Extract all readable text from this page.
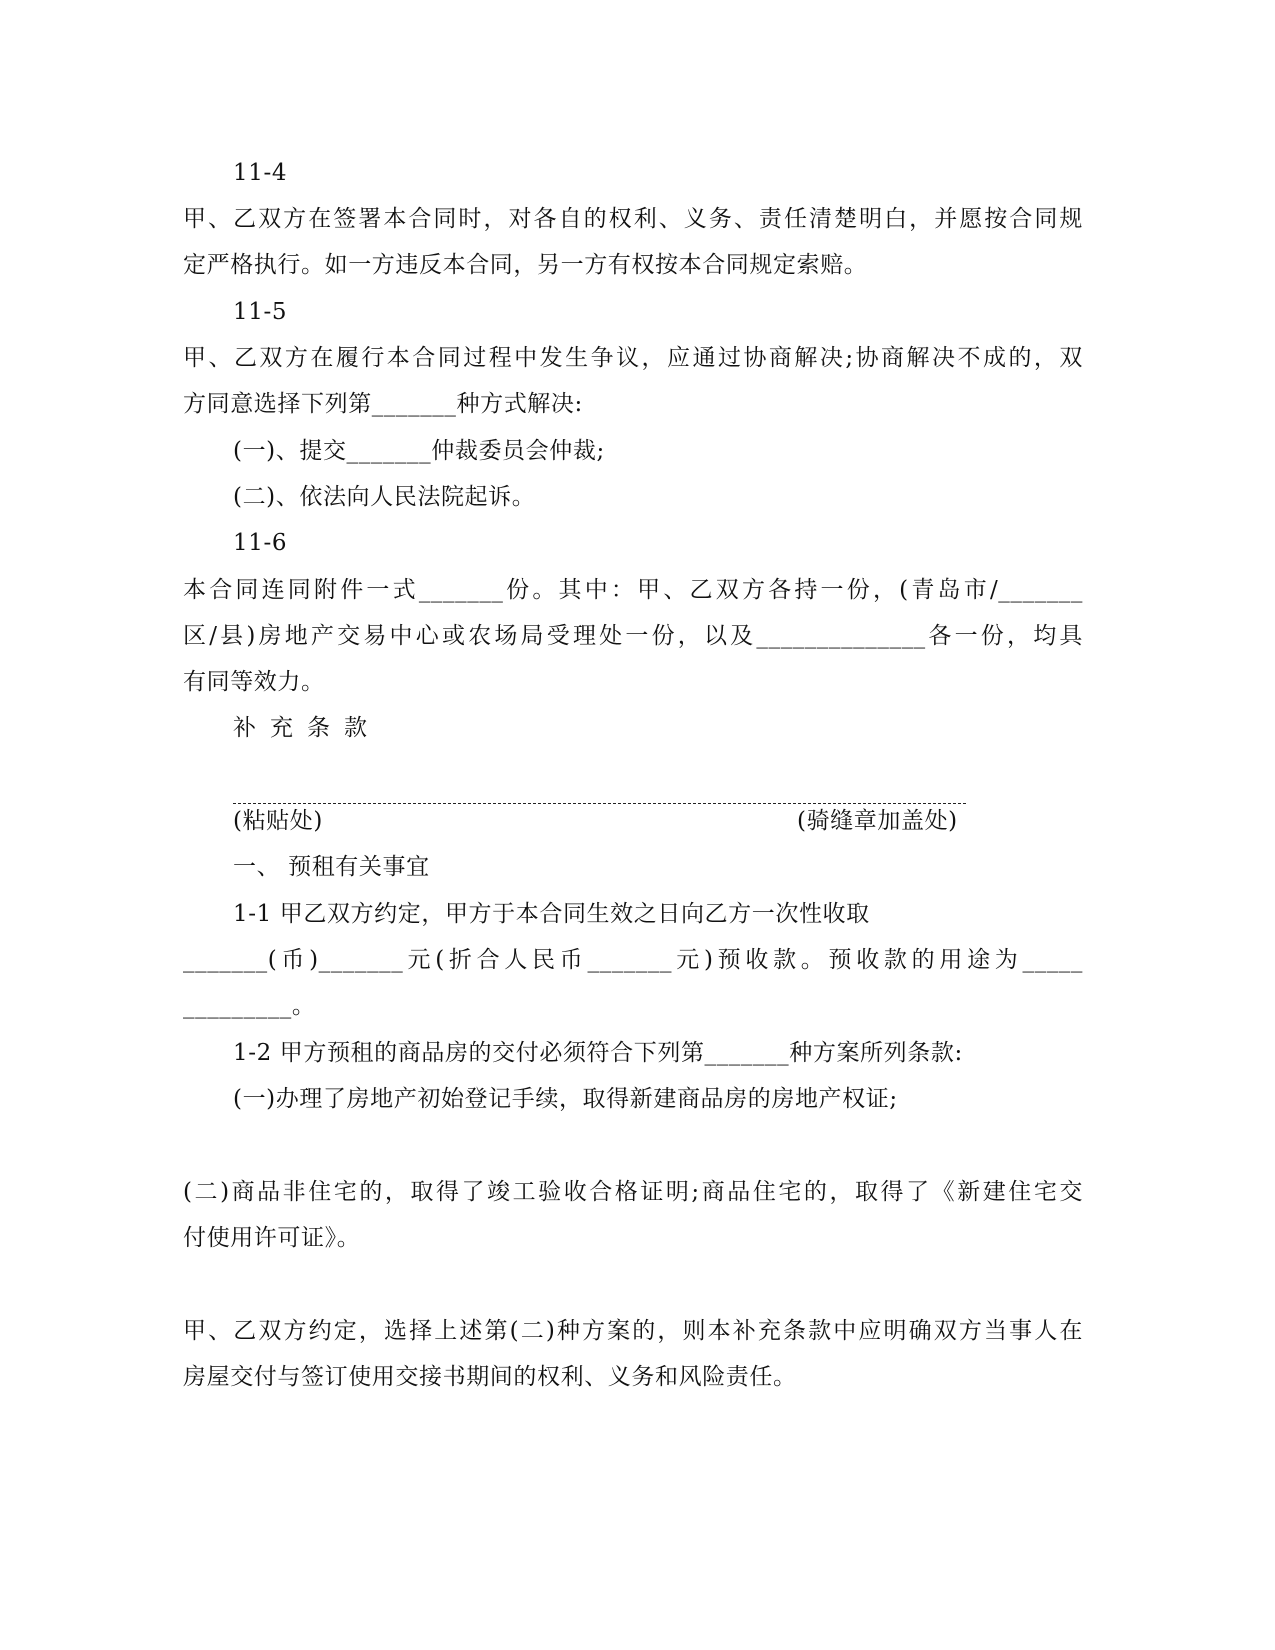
11-4
甲、乙双方在签署本合同时，对各自的权利、义务、责任清楚明白，并愿按合同规
定严格执行。如一方违反本合同，另一方有权按本合同规定索赔。
11-5
甲、乙双方在履行本合同过程中发生争议，应通过协商解决;协商解决不成的，双
方同意选择下列第_______种方式解决:
(一)、提交_______仲裁委员会仲裁;
(二)、依法向人民法院起诉。
11-6
本合同连同附件一式_______份。其中：甲、乙双方各持一份，(青岛市/_______
区/县)房地产交易中心或农场局受理处一份，以及______________各一份，均具
有同等效力。
补充条款
(粘贴处)	(骑缝章加盖处)
一、 预租有关事宜
1-1 甲乙双方约定，甲方于本合同生效之日向乙方一次性收取
_______(币)_______元(折合人民币_______元)预收款。预收款的用途为_____
_________。
1-2 甲方预租的商品房的交付必须符合下列第_______种方案所列条款:
(一)办理了房地产初始登记手续，取得新建商品房的房地产权证;
(二)商品非住宅的，取得了竣工验收合格证明;商品住宅的，取得了《新建住宅交
付使用许可证》。
甲、乙双方约定，选择上述第(二)种方案的，则本补充条款中应明确双方当事人在
房屋交付与签订使用交接书期间的权利、义务和风险责任。
